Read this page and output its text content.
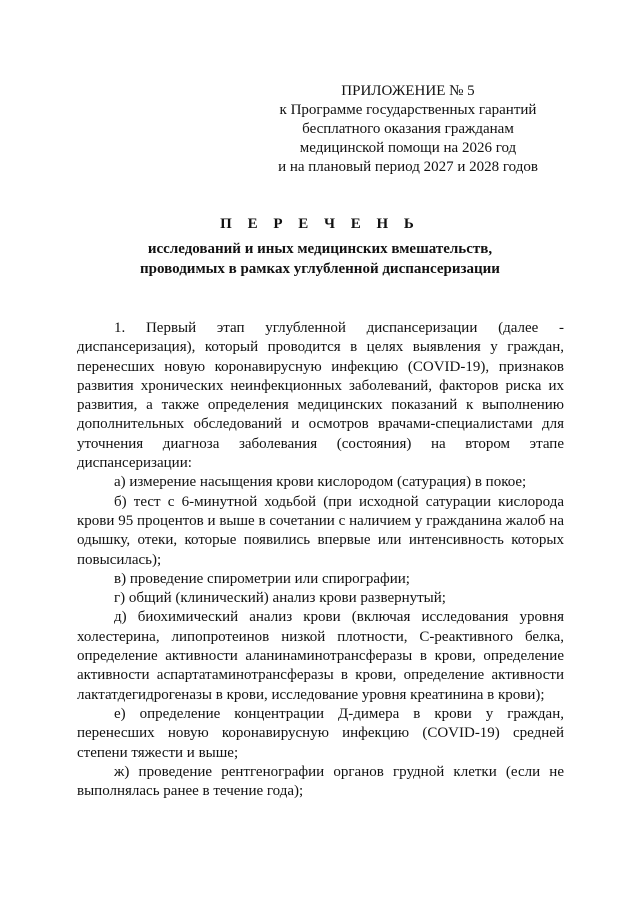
ПРИЛОЖЕНИЕ № 5
к Программе государственных гарантий
бесплатного оказания гражданам
медицинской помощи на 2026 год
и на плановый период 2027 и 2028 годов
П Е Р Е Ч Е Н Ь
исследований и иных медицинских вмешательств,
проводимых в рамках углубленной диспансеризации

1. Первый этап углубленной диспансеризации (далее - диспансеризация), который проводится в целях выявления у граждан, перенесших новую коронавирусную инфекцию (COVID-19), признаков развития хронических неинфекционных заболеваний, факторов риска их развития, а также определения медицинских показаний к выполнению дополнительных обследований и осмотров врачами-специалистами для уточнения диагноза заболевания (состояния) на втором этапе диспансеризации:

а) измерение насыщения крови кислородом (сатурация) в покое;

б) тест с 6-минутной ходьбой (при исходной сатурации кислорода крови 95 процентов и выше в сочетании с наличием у гражданина жалоб на одышку, отеки, которые появились впервые или интенсивность которых повысилась);

в) проведение спирометрии или спирографии;

г) общий (клинический) анализ крови развернутый;

д) биохимический анализ крови (включая исследования уровня холестерина, липопротеинов низкой плотности, С-реактивного белка, определение активности аланинаминотрансферазы в крови, определение активности аспартатаминотрансферазы в крови, определение активности лактатдегидрогеназы в крови, исследование уровня креатинина в крови);

е) определение концентрации Д-димера в крови у граждан, перенесших новую коронавирусную инфекцию (COVID-19) средней степени тяжести и выше;

ж) проведение рентгенографии органов грудной клетки (если не выполнялась ранее в течение года);
